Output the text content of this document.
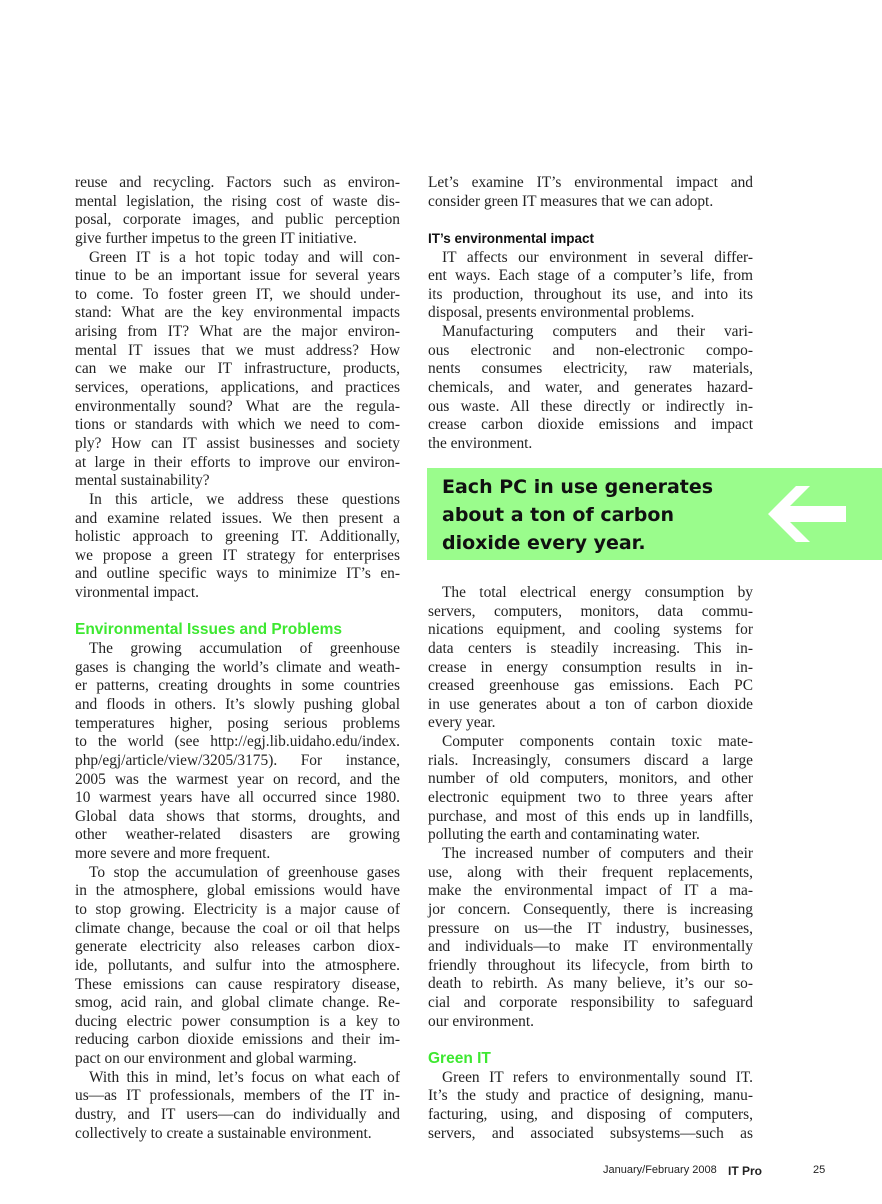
reuse and recycling. Factors such as environ-
mental legislation, the rising cost of waste dis-
posal, corporate images, and public perception
give further impetus to the green IT initiative.
Green IT is a hot topic today and will con-
tinue to be an important issue for several years
to come. To foster green IT, we should under-
stand: What are the key environmental impacts
arising from IT? What are the major environ-
mental IT issues that we must address? How
can we make our IT infrastructure, products,
services, operations, applications, and practices
environmentally sound? What are the regula-
tions or standards with which we need to com-
ply? How can IT assist businesses and society
at large in their efforts to improve our environ-
mental sustainability?
In this article, we address these questions
and examine related issues. We then present a
holistic approach to greening IT. Additionally,
we propose a green IT strategy for enterprises
and outline specific ways to minimize IT’s en-
vironmental impact.
Environmental Issues and Problems
The growing accumulation of greenhouse
gases is changing the world’s climate and weath-
er patterns, creating droughts in some countries
and floods in others. It’s slowly pushing global
temperatures higher, posing serious problems
to the world (see http://egj.lib.uidaho.edu/index.
php/egj/article/view/3205/3175). For instance,
2005 was the warmest year on record, and the
10 warmest years have all occurred since 1980.
Global data shows that storms, droughts, and
other weather-related disasters are growing
more severe and more frequent.
To stop the accumulation of greenhouse gases
in the atmosphere, global emissions would have
to stop growing. Electricity is a major cause of
climate change, because the coal or oil that helps
generate electricity also releases carbon diox-
ide, pollutants, and sulfur into the atmosphere.
These emissions can cause respiratory disease,
smog, acid rain, and global climate change. Re-
ducing electric power consumption is a key to
reducing carbon dioxide emissions and their im-
pact on our environment and global warming.
With this in mind, let’s focus on what each of
us—as IT professionals, members of the IT in-
dustry, and IT users—can do individually and
collectively to create a sustainable environment.
Let’s examine IT’s environmental impact and
consider green IT measures that we can adopt.
IT’s environmental impact
IT affects our environment in several differ-
ent ways. Each stage of a computer’s life, from
its production, throughout its use, and into its
disposal, presents environmental problems.
Manufacturing computers and their vari-
ous electronic and non-electronic compo-
nents consumes electricity, raw materials,
chemicals, and water, and generates hazard-
ous waste. All these directly or indirectly in-
crease carbon dioxide emissions and impact
the environment.
Each PC in use generates
about a ton of carbon
dioxide every year.
The total electrical energy consumption by
servers, computers, monitors, data commu-
nications equipment, and cooling systems for
data centers is steadily increasing. This in-
crease in energy consumption results in in-
creased greenhouse gas emissions. Each PC
in use generates about a ton of carbon dioxide
every year.
Computer components contain toxic mate-
rials. Increasingly, consumers discard a large
number of old computers, monitors, and other
electronic equipment two to three years after
purchase, and most of this ends up in landfills,
polluting the earth and contaminating water.
The increased number of computers and their
use, along with their frequent replacements,
make the environmental impact of IT a ma-
jor concern. Consequently, there is increasing
pressure on us—the IT industry, businesses,
and individuals—to make IT environmentally
friendly throughout its lifecycle, from birth to
death to rebirth. As many believe, it’s our so-
cial and corporate responsibility to safeguard
our environment.
Green IT
Green IT refers to environmentally sound IT.
It’s the study and practice of designing, manu-
facturing, using, and disposing of computers,
servers, and associated subsystems—such as
January/February 2008 IT Pro	25
